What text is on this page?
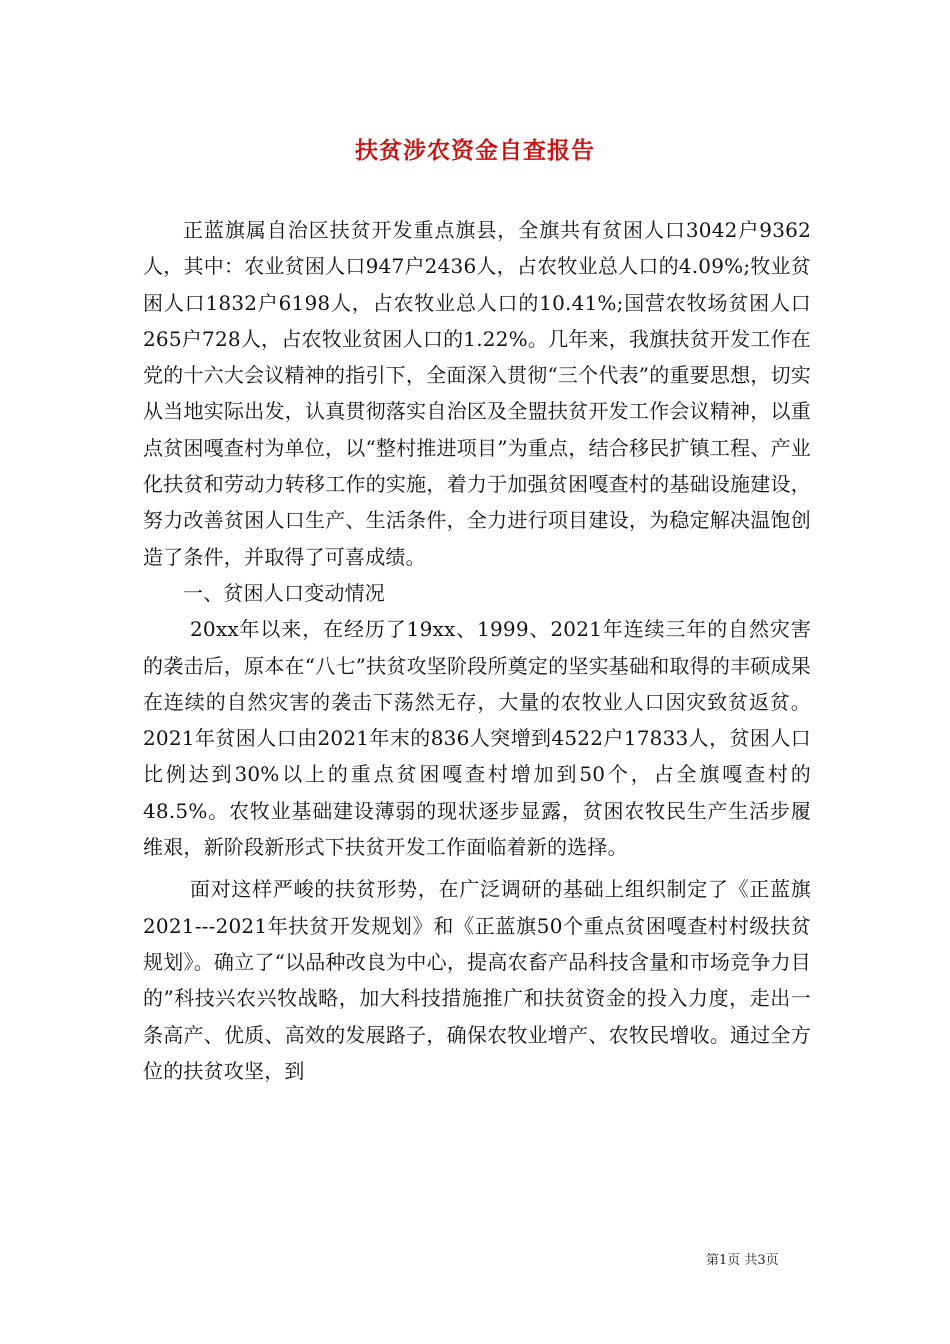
扶贫涉农资金自查报告

正蓝旗属自治区扶贫开发重点旗县，全旗共有贫困人口3042户9362人，其中：农业贫困人口947户2436人，占农牧业总人口的4.09%;牧业贫困人口1832户6198人，占农牧业总人口的10.41%;国营农牧场贫困人口265户728人，占农牧业贫困人口的1.22%。几年来，我旗扶贫开发工作在党的十六大会议精神的指引下，全面深入贯彻“三个代表”的重要思想，切实从当地实际出发，认真贯彻落实自治区及全盟扶贫开发工作会议精神，以重点贫困嘎查村为单位，以“整村推进项目”为重点，结合移民扩镇工程、产业化扶贫和劳动力转移工作的实施，着力于加强贫困嘎查村的基础设施建设，努力改善贫困人口生产、生活条件，全力进行项目建设，为稳定解决温饱创造了条件，并取得了可喜成绩。

一、贫困人口变动情况

20xx年以来，在经历了19xx、1999、2021年连续三年的自然灾害的袭击后，原本在“八七”扶贫攻坚阶段所奠定的坚实基础和取得的丰硕成果在连续的自然灾害的袭击下荡然无存，大量的农牧业人口因灾致贫返贫。2021年贫困人口由2021年末的836人突增到4522户17833人，贫困人口比例达到30%以上的重点贫困嘎查村增加到50个，占全旗嘎查村的48.5%。农牧业基础建设薄弱的现状逐步显露，贫困农牧民生产生活步履维艰，新阶段新形式下扶贫开发工作面临着新的选择。

面对这样严峻的扶贫形势，在广泛调研的基础上组织制定了《正蓝旗2021---2021年扶贫开发规划》和《正蓝旗50个重点贫困嘎查村村级扶贫规划》。确立了“以品种改良为中心，提高农畜产品科技含量和市场竞争力目的”科技兴农兴牧战略，加大科技措施推广和扶贫资金的投入力度，走出一条高产、优质、高效的发展路子，确保农牧业增产、农牧民增收。通过全方位的扶贫攻坚，到

第1页 共3页
